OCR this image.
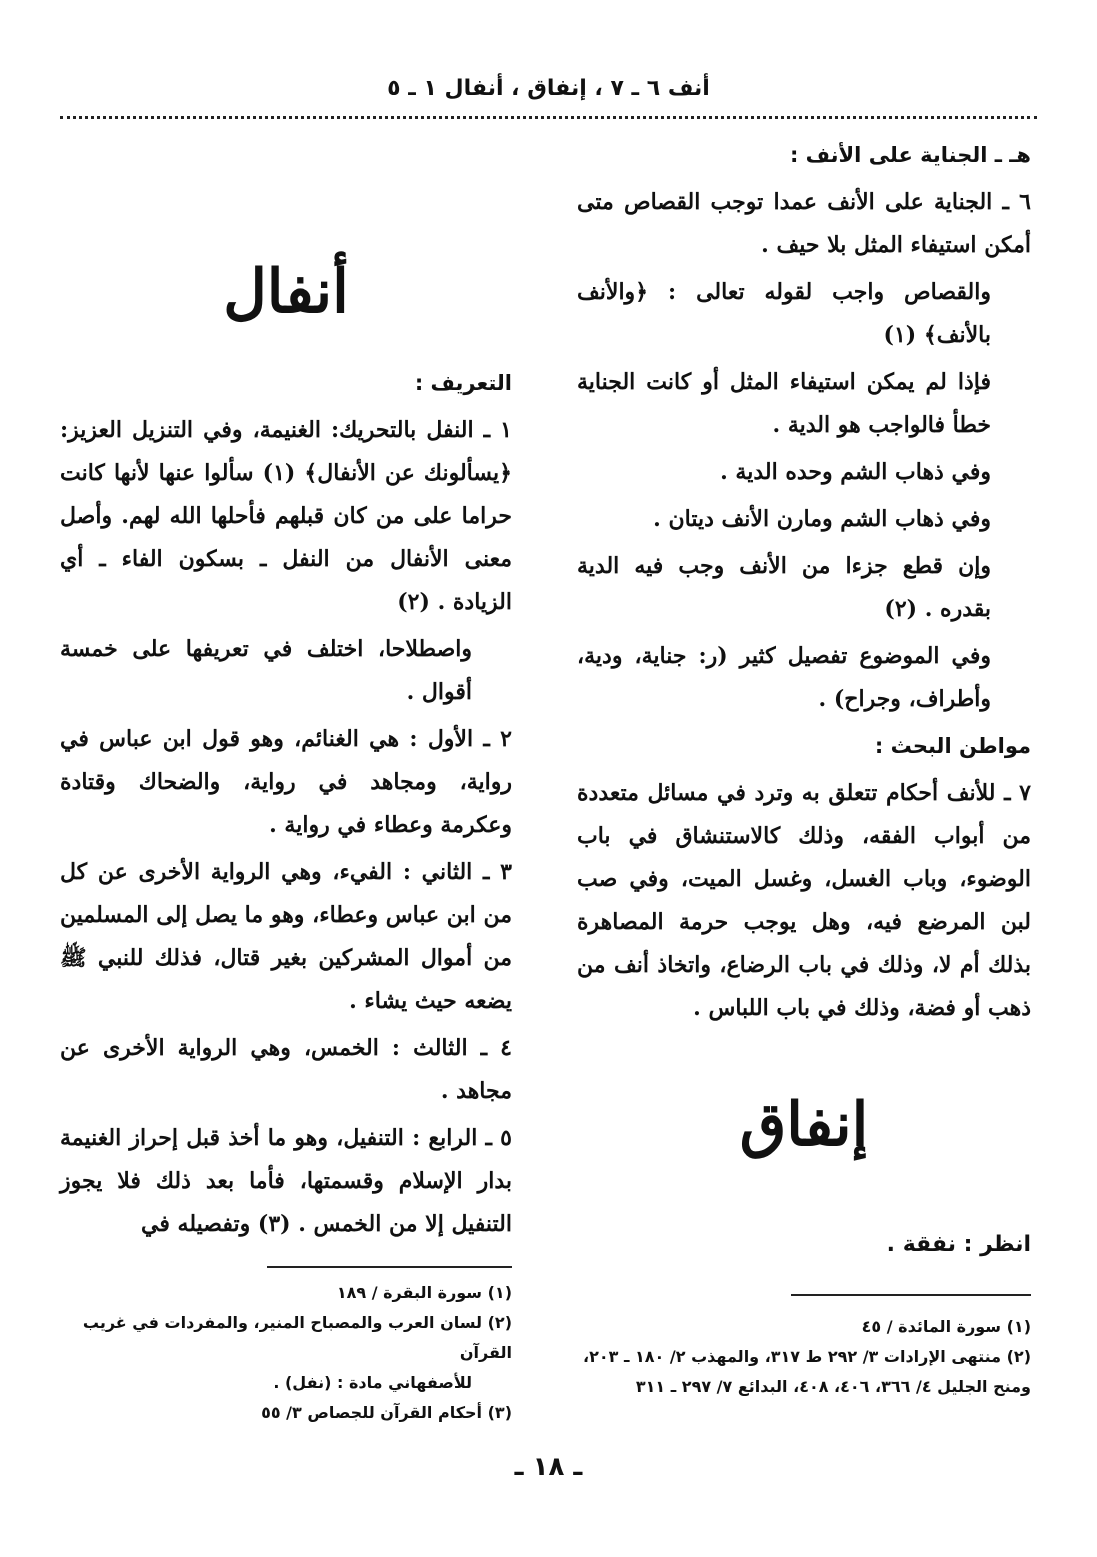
أنف ٦ ـ ٧ ، إنفاق ، أنفال ١ ـ ٥

هـ ـ الجناية على الأنف :

٦ ـ الجناية على الأنف عمدا توجب القصاص متى أمكن استيفاء المثل بلا حيف .

والقصاص واجب لقوله تعالى : ﴿والأنف بالأنف﴾ (١)

فإذا لم يمكن استيفاء المثل أو كانت الجناية خطأ فالواجب هو الدية .

وفي ذهاب الشم وحده الدية .

وفي ذهاب الشم ومارن الأنف ديتان .

وإن قطع جزءا من الأنف وجب فيه الدية بقدره . (٢)

وفي الموضوع تفصيل كثير (ر: جناية، ودية، وأطراف، وجراح) .

مواطن البحث :

٧ ـ للأنف أحكام تتعلق به وترد في مسائل متعددة من أبواب الفقه، وذلك كالاستنشاق في باب الوضوء، وباب الغسل، وغسل الميت، وفي صب لبن المرضع فيه، وهل يوجب حرمة المصاهرة بذلك أم لا، وذلك في باب الرضاع، واتخاذ أنف من ذهب أو فضة، وذلك في باب اللباس .

إنفاق
انظر : نفقة .

(١) سورة المائدة / ٤٥

(٢) منتهى الإرادات ٣/ ٢٩٢ ط ٣١٧، والمهذب ٢/ ١٨٠ ـ ٢٠٣، ومنح الجليل ٤/ ٣٦٦، ٤٠٦، ٤٠٨، البدائع ٧/ ٢٩٧ ـ ٣١١

أنفال

التعريف :

١ ـ النفل بالتحريك: الغنيمة، وفي التنزيل العزيز: ﴿يسألونك عن الأنفال﴾ (١) سألوا عنها لأنها كانت حراما على من كان قبلهم فأحلها الله لهم. وأصل معنى الأنفال من النفل ـ بسكون الفاء ـ أي الزيادة . (٢)

واصطلاحا، اختلف في تعريفها على خمسة أقوال .

٢ ـ الأول : هي الغنائم، وهو قول ابن عباس في رواية، ومجاهد في رواية، والضحاك وقتادة وعكرمة وعطاء في رواية .

٣ ـ الثاني : الفيء، وهي الرواية الأخرى عن كل من ابن عباس وعطاء، وهو ما يصل إلى المسلمين من أموال المشركين بغير قتال، فذلك للنبي ﷺ يضعه حيث يشاء .

٤ ـ الثالث : الخمس، وهي الرواية الأخرى عن مجاهد .

٥ ـ الرابع : التنفيل، وهو ما أخذ قبل إحراز الغنيمة بدار الإسلام وقسمتها، فأما بعد ذلك فلا يجوز التنفيل إلا من الخمس . (٣) وتفصيله في

(١) سورة البقرة / ١٨٩

(٢) لسان العرب والمصباح المنير، والمفردات في غريب القرآن

للأصفهاني مادة : (نفل) .

(٣) أحكام القرآن للجصاص ٣/ ٥٥

ـ ١٨ ـ
